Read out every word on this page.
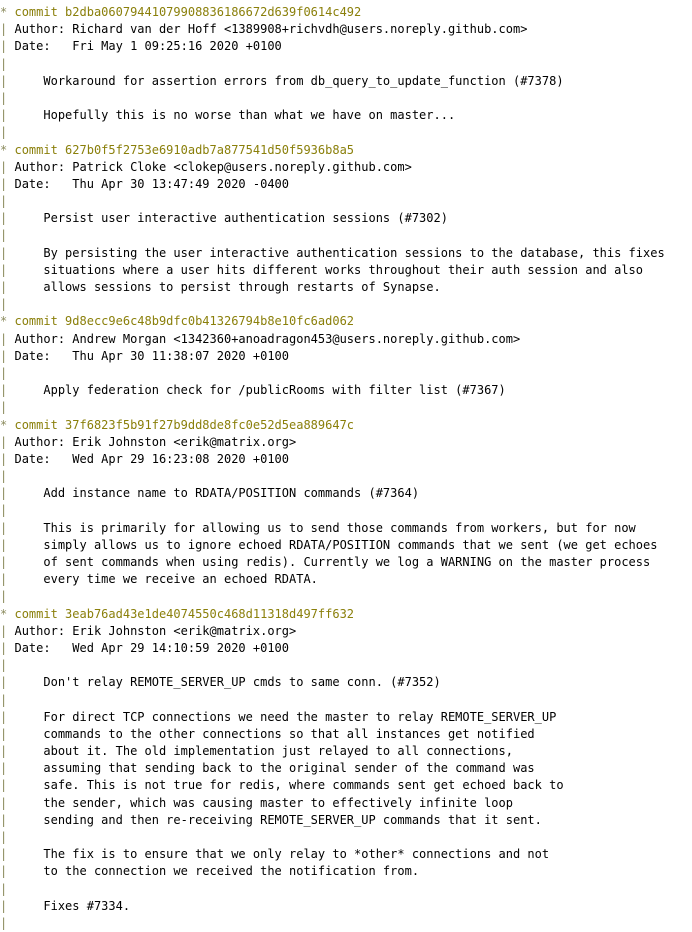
* commit b2dba06079441079908836186672d639f0614c492
| Author: Richard van der Hoff <1389908+richvdh@users.noreply.github.com>
| Date:   Fri May 1 09:25:16 2020 +0100
|
|     Workaround for assertion errors from db_query_to_update_function (#7378)
|
|     Hopefully this is no worse than what we have on master...
|
* commit 627b0f5f2753e6910adb7a877541d50f5936b8a5
| Author: Patrick Cloke <clokep@users.noreply.github.com>
| Date:   Thu Apr 30 13:47:49 2020 -0400
|
|     Persist user interactive authentication sessions (#7302)
|
|     By persisting the user interactive authentication sessions to the database, this fixes
|     situations where a user hits different works throughout their auth session and also
|     allows sessions to persist through restarts of Synapse.
|
* commit 9d8ecc9e6c48b9dfc0b41326794b8e10fc6ad062
| Author: Andrew Morgan <1342360+anoadragon453@users.noreply.github.com>
| Date:   Thu Apr 30 11:38:07 2020 +0100
|
|     Apply federation check for /publicRooms with filter list (#7367)
|
* commit 37f6823f5b91f27b9dd8de8fc0e52d5ea889647c
| Author: Erik Johnston <erik@matrix.org>
| Date:   Wed Apr 29 16:23:08 2020 +0100
|
|     Add instance name to RDATA/POSITION commands (#7364)
|
|     This is primarily for allowing us to send those commands from workers, but for now
|     simply allows us to ignore echoed RDATA/POSITION commands that we sent (we get echoes
|     of sent commands when using redis). Currently we log a WARNING on the master process
|     every time we receive an echoed RDATA.
|
* commit 3eab76ad43e1de4074550c468d11318d497ff632
| Author: Erik Johnston <erik@matrix.org>
| Date:   Wed Apr 29 14:10:59 2020 +0100
|
|     Don't relay REMOTE_SERVER_UP cmds to same conn. (#7352)
|
|     For direct TCP connections we need the master to relay REMOTE_SERVER_UP
|     commands to the other connections so that all instances get notified
|     about it. The old implementation just relayed to all connections,
|     assuming that sending back to the original sender of the command was
|     safe. This is not true for redis, where commands sent get echoed back to
|     the sender, which was causing master to effectively infinite loop
|     sending and then re-receiving REMOTE_SERVER_UP commands that it sent.
|
|     The fix is to ensure that we only relay to *other* connections and not
|     to the connection we received the notification from.
|
|     Fixes #7334.
|
